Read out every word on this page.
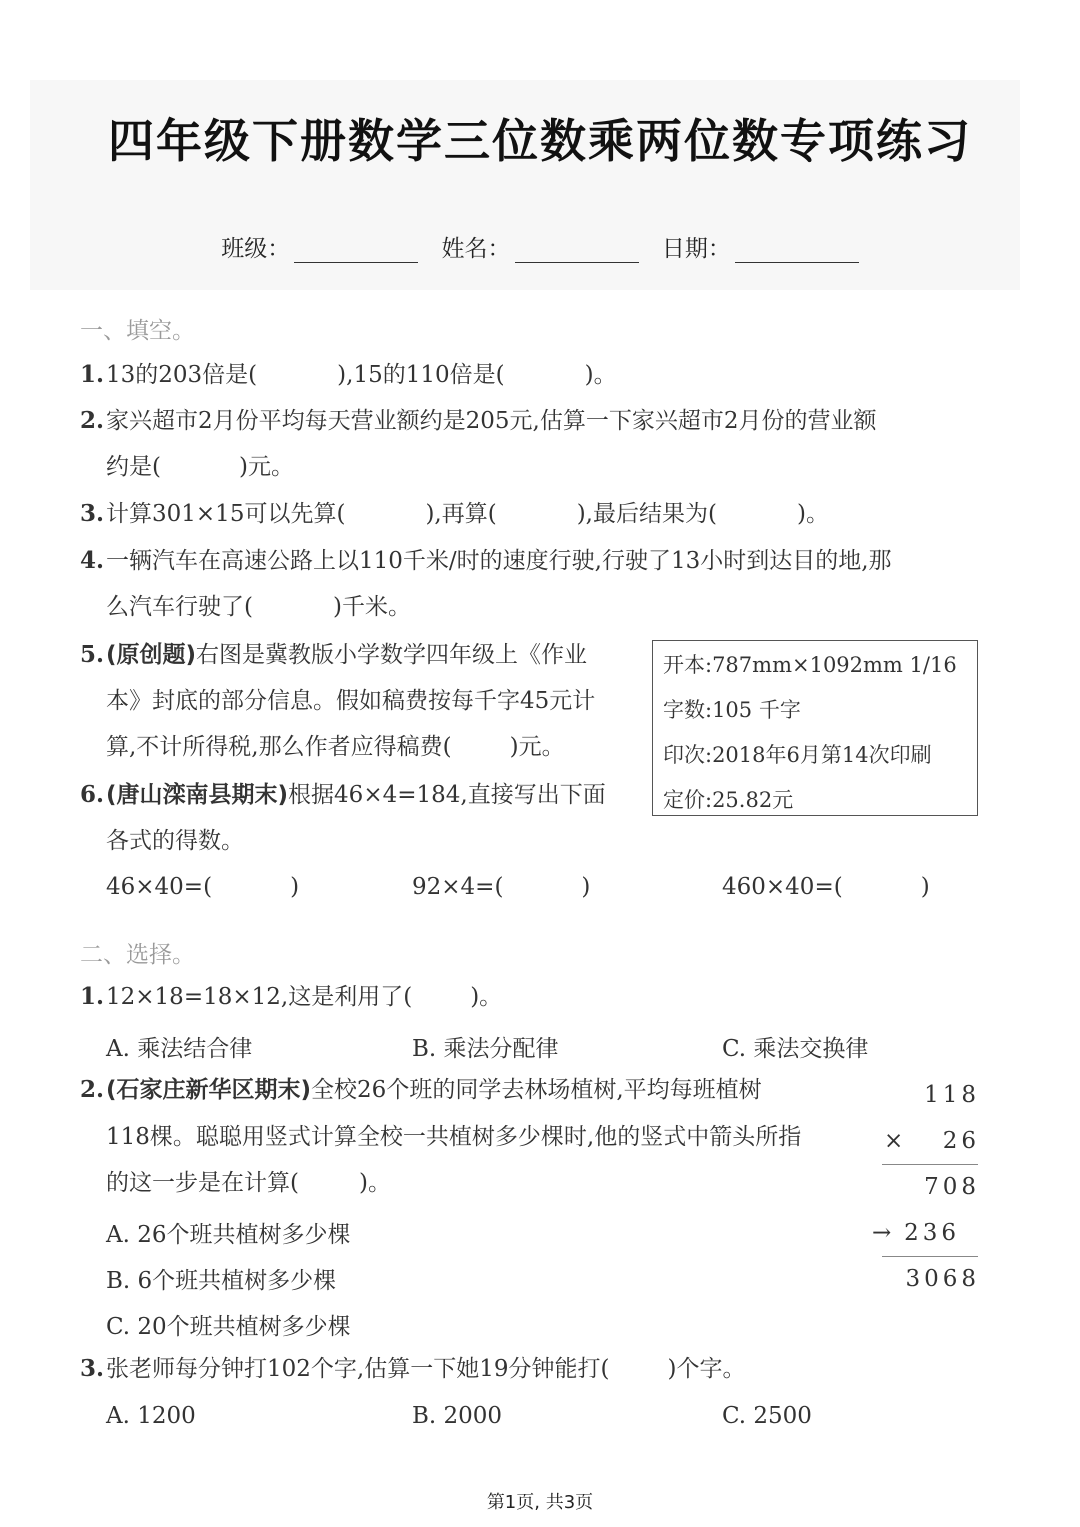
四年级下册数学三位数乘两位数专项练习
班级：	姓名：	日期：
一、填空。
1.13的203倍是(	),15的110倍是(	)。
2.家兴超市2月份平均每天营业额约是205元,估算一下家兴超市2月份的营业额
约是(	)元。
3.计算301×15可以先算(	),再算(	),最后结果为(	)。
4.一辆汽车在高速公路上以110千米/时的速度行驶,行驶了13小时到达目的地,那
么汽车行驶了(	)千米。
5.(原创题)右图是冀教版小学数学四年级上《作业
本》封底的部分信息。假如稿费按每千字45元计
算,不计所得税,那么作者应得稿费(	)元。
开本:787mm×1092mm 1/16
字数:105 千字
印次:2018年6月第14次印刷
定价:25.82元
6.(唐山滦南县期末)根据46×4=184,直接写出下面
各式的得数。
46×40=(	)	92×4=(	)	460×40=(	)
二、选择。
1.12×18=18×12,这是利用了(	)。
A. 乘法结合律	B. 乘法分配律	C. 乘法交换律
2.(石家庄新华区期末)全校26个班的同学去林场植树,平均每班植树
118棵。聪聪用竖式计算全校一共植树多少棵时,他的竖式中箭头所指
的这一步是在计算(	)。
A. 26个班共植树多少棵
B. 6个班共植树多少棵
C. 20个班共植树多少棵
118
× 26
708
→ 236
3068
3.张老师每分钟打102个字,估算一下她19分钟能打(	)个字。
A. 1200	B. 2000	C. 2500
第1页, 共3页
